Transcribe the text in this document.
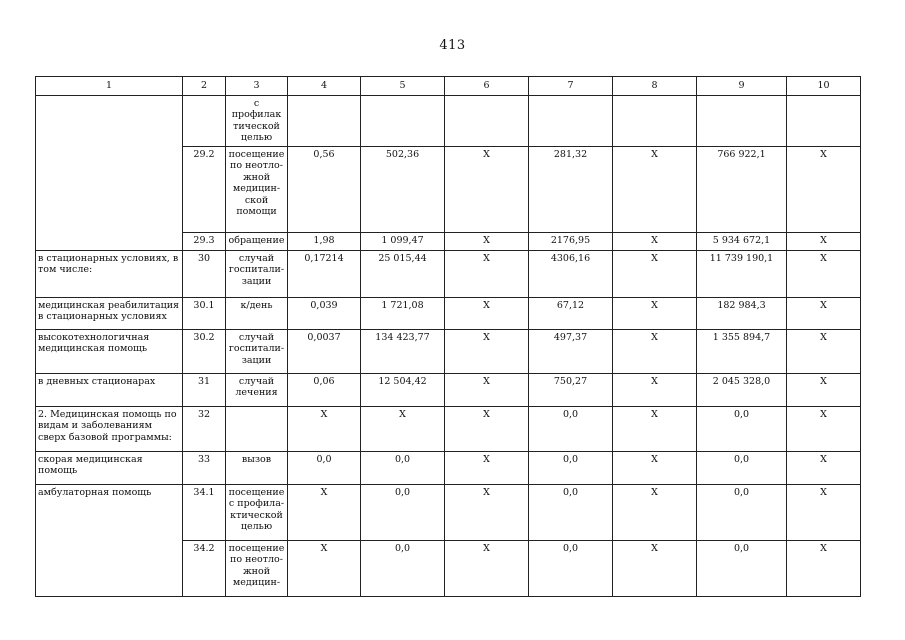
413
1	2	3	4	5	6	7	8	9	10
		с профилак тической целью							
	29.2	посещение по неотло- жной медицин- ской помощи	0,56	502,36	X	281,32	X	766 922,1	X
	29.3	обращение	1,98	1 099,47	X	2176,95	X	5 934 672,1	X
в стационарных условиях, в том числе:	30	случай госпитали- зации	0,17214	25 015,44	X	4306,16	X	11 739 190,1	X
медицинская реабилитация в стационарных условиях	30.1	к/день	0,039	1 721,08	X	67,12	X	182 984,3	X
высокотехнологичная медицинская помощь	30.2	случай госпитали- зации	0,0037	134 423,77	X	497,37	X	1 355 894,7	X
в дневных стационарах	31	случай лечения	0,06	12 504,42	X	750,27	X	2 045 328,0	X
2. Медицинская помощь по видам и заболеваниям сверх базовой программы:	32		X	X	X	0,0	X	0,0	X
скорая медицинская помощь	33	вызов	0,0	0,0	X	0,0	X	0,0	X
амбулаторная помощь	34.1	посещение с профила- ктической целью	X	0,0	X	0,0	X	0,0	X
	34.2	посещение по неотло- жной медицин-	X	0,0	X	0,0	X	0,0	X
